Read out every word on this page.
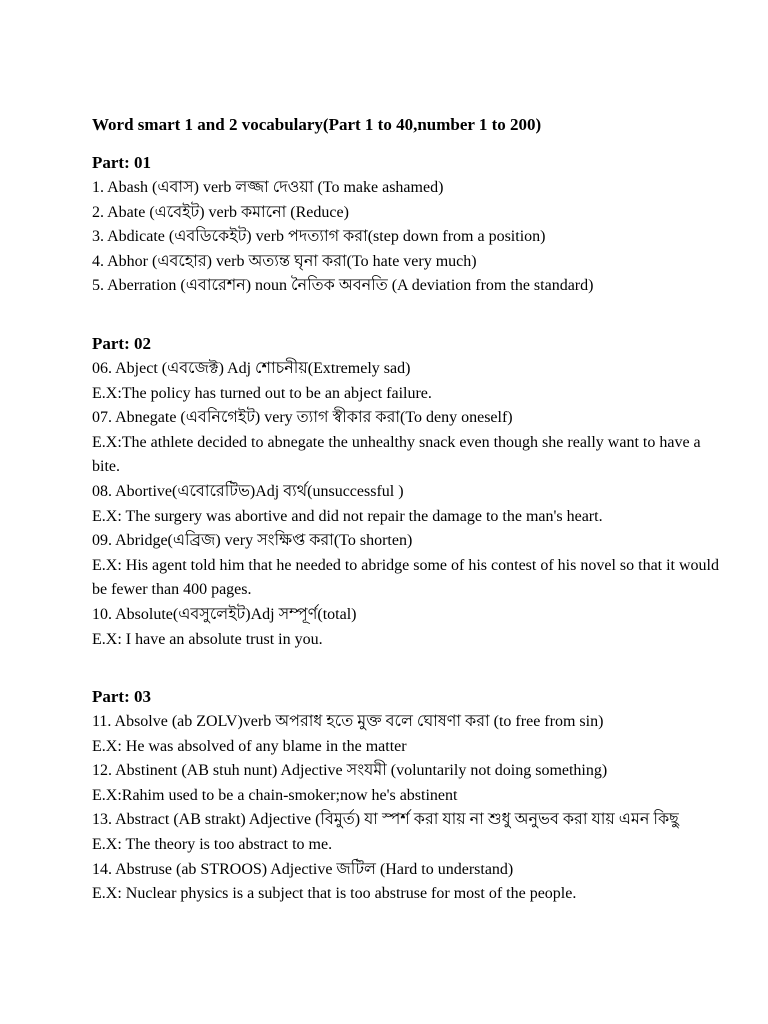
Word smart 1 and 2 vocabulary(Part 1 to 40,number 1 to 200)
Part: 01
1. Abash (এবাস) verb লজ্জা দেওয়া (To make ashamed)
2. Abate (এবেইট) verb কমানো (Reduce)
3. Abdicate (এবডিকেইট) verb পদত্যাগ করা(step down from a position)
4. Abhor (এবহোর) verb অত্যন্ত ঘৃনা করা(To hate very much)
5. Aberration (এবারেশন) noun নৈতিক অবনতি (A deviation from the standard)
Part: 02
06. Abject (এবজেক্ট) Adj শোচনীয়(Extremely sad)
E.X:The policy has turned out to be an abject failure.
07. Abnegate (এবনিগেইট) very ত্যাগ স্বীকার করা(To deny oneself)
E.X:The athlete decided to abnegate the unhealthy snack even though she really want to have a bite.
08. Abortive(এবোরেটিভ)Adj ব্যর্থ(unsuccessful )
E.X: The surgery was abortive and did not repair the damage to the man's heart.
09. Abridge(এব্রিজ) very সংক্ষিপ্ত করা(To shorten)
E.X: His agent told him that he needed to abridge some of his contest of his novel so that it would be fewer than 400 pages.
10. Absolute(এবসুলেইট)Adj সম্পূর্ণ(total)
E.X: I have an absolute trust in you.
Part: 03
11. Absolve (ab ZOLV)verb অপরাধ হতে মুক্ত বলে ঘোষণা করা (to free from sin)
E.X: He was absolved of any blame in the matter
12. Abstinent (AB stuh nunt) Adjective সংযমী (voluntarily not doing something)
E.X:Rahim used to be a chain-smoker;now he's abstinent
13. Abstract (AB strakt) Adjective (বিমুর্ত) যা স্পর্শ করা যায় না শুধু অনুভব করা যায় এমন কিছু
E.X: The theory is too abstract to me.
14. Abstruse (ab STROOS) Adjective জটিল (Hard to understand)
E.X: Nuclear physics is a subject that is too abstruse for most of the people.
